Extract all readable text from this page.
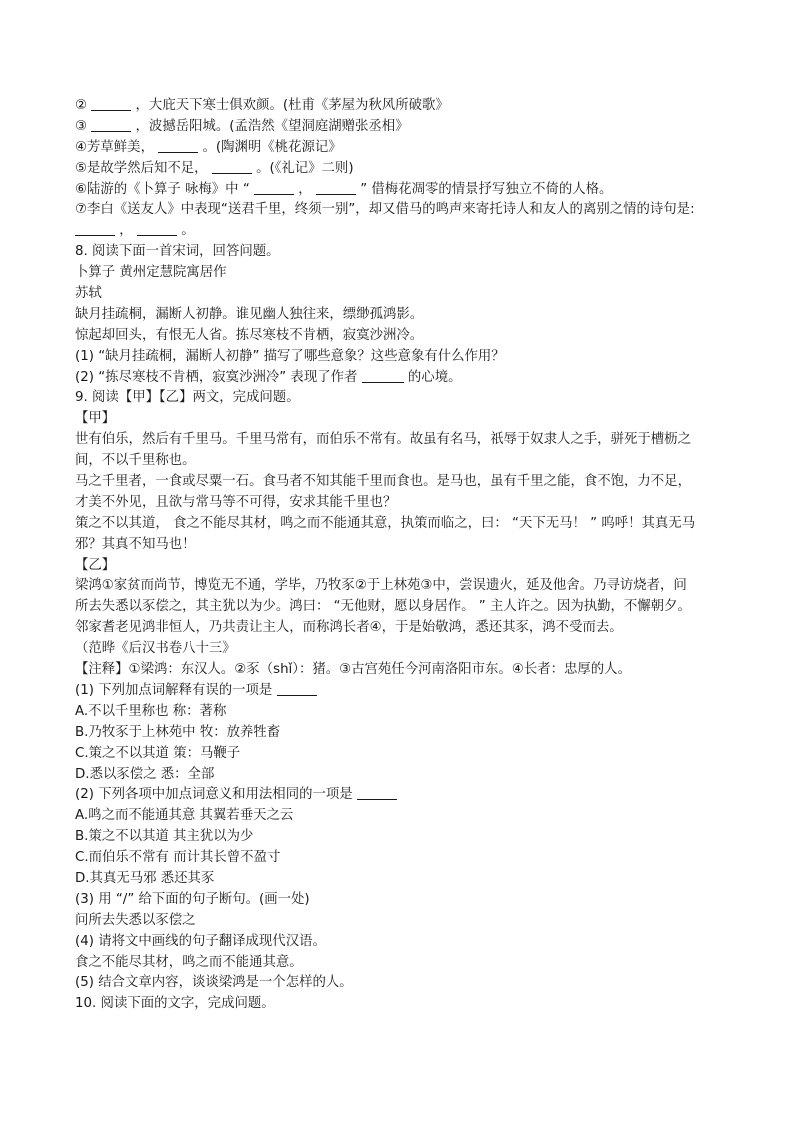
②	，大庇天下寒士俱欢颜。(杜甫《茅屋为秋风所破歌》
③	，波撼岳阳城。(孟浩然《望洞庭湖赠张丞相》
④芳草鲜美，	。(陶渊明《桃花源记》
⑤是故学然后知不足，	。(《礼记》二则)
⑥陆游的《卜算子 咏梅》中 “	，	” 借梅花凋零的情景抒写独立不倚的人格。
⑦李白《送友人》中表现“送君千里，终须一别”，却又借马的鸣声来寄托诗人和友人的离别之情的诗句是:
，	。
8. 阅读下面一首宋词，回答问题。
卜算子 黄州定慧院寓居作
苏轼
缺月挂疏桐，漏断人初静。谁见幽人独往来，缥缈孤鸿影。
惊起却回头，有恨无人省。拣尽寒枝不肯栖，寂寞沙洲冷。
(1) “缺月挂疏桐，漏断人初静” 描写了哪些意象？这些意象有什么作用？
(2) “拣尽寒枝不肯栖，寂寞沙洲冷” 表现了作者	的心境。
9. 阅读【甲】【乙】两文，完成问题。
【甲】
世有伯乐，然后有千里马。千里马常有，而伯乐不常有。故虽有名马，祇辱于奴隶人之手，骈死于槽枥之
间，不以千里称也。
马之千里者，一食或尽粟一石。食马者不知其能千里而食也。是马也，虽有千里之能，食不饱，力不足，
才美不外见，且欲与常马等不可得，安求其能千里也？
策之不以其道， 食之不能尽其材，鸣之而不能通其意，执策而临之，曰： “天下无马！ ” 呜呼！其真无马
邪？其真不知马也！
【乙】
梁鸿①家贫而尚节，博览无不通，学毕，乃牧豕②于上林苑③中，尝误遗火，延及他舍。乃寻访烧者，问
所去失悉以豕偿之，其主犹以为少。鸿曰： “无他财，愿以身居作。 ” 主人许之。因为执勤，不懈朝夕。
邻家耆老见鸿非恒人，乃共责让主人，而称鸿长者④，于是始敬鸿，悉还其豕，鸿不受而去。
（范晔《后汉书卷八十三》
【注释】①梁鸿：东汉人。②豕（shǐ）：猪。③古宫苑任今河南洛阳市东。④长者：忠厚的人。
(1) 下列加点词解释有误的一项是
A.不以千里称也 称：著称
B.乃牧豕于上林苑中 牧：放养牲畜
C.策之不以其道 策：马鞭子
D.悉以豕偿之 悉：全部
(2) 下列各项中加点词意义和用法相同的一项是
A.鸣之而不能通其意 其翼若垂天之云
B.策之不以其道 其主犹以为少
C.而伯乐不常有 而计其长曾不盈寸
D.其真无马邪 悉还其豕
(3) 用 “/” 给下面的句子断句。(画一处)
问所去失悉以豕偿之
(4) 请将文中画线的句子翻译成现代汉语。
食之不能尽其材，鸣之而不能通其意。
(5) 结合文章内容，谈谈梁鸿是一个怎样的人。
10. 阅读下面的文字，完成问题。
